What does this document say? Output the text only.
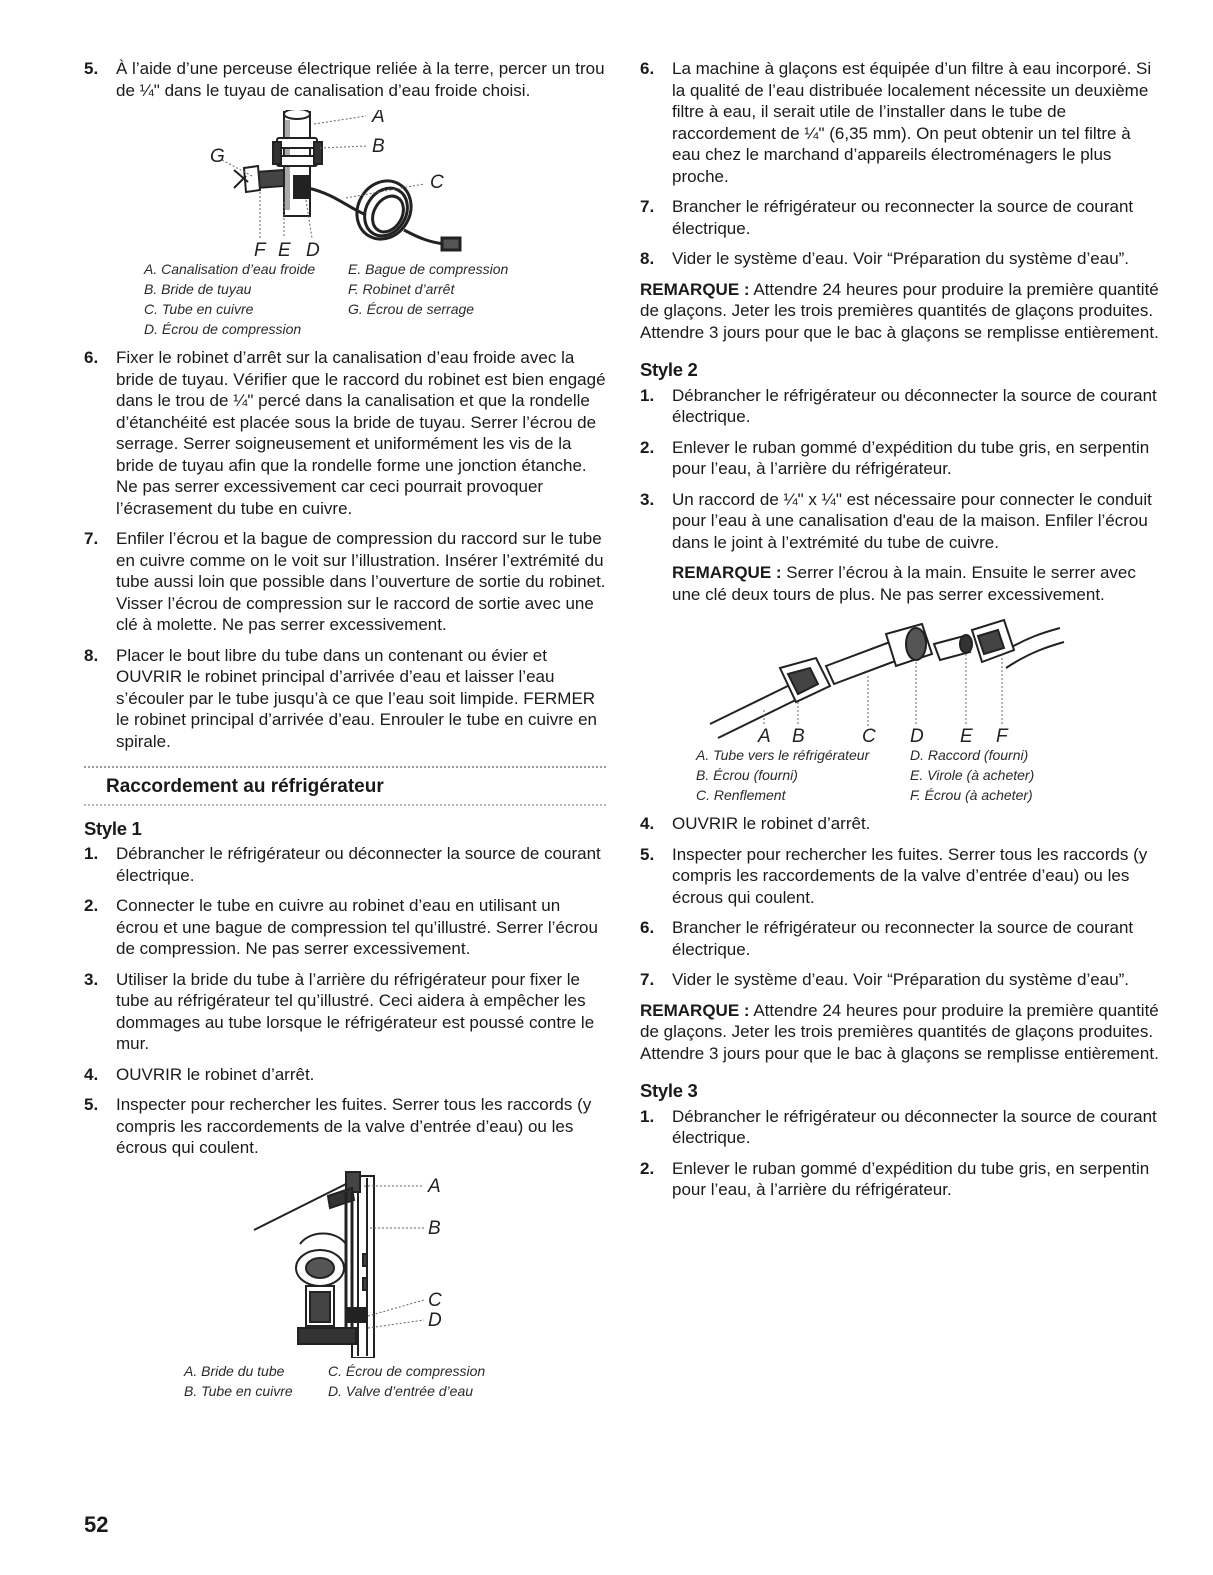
5. À l’aide d’une perceuse électrique reliée à la terre, percer un trou de ¼" dans le tuyau de canalisation d’eau froide choisi.
A
B
C
D
E
F
G
A. Canalisation d’eau froide	E. Bague de compression
B. Bride de tuyau	F. Robinet d’arrêt
C. Tube en cuivre	G. Écrou de serrage
D. Écrou de compression
6. Fixer le robinet d’arrêt sur la canalisation d’eau froide avec la bride de tuyau. Vérifier que le raccord du robinet est bien engagé dans le trou de ¼" percé dans la canalisation et que la rondelle d’étanchéité est placée sous la bride de tuyau. Serrer l’écrou de serrage. Serrer soigneusement et uniformément les vis de la bride de tuyau afin que la rondelle forme une jonction étanche. Ne pas serrer excessivement car ceci pourrait provoquer l’écrasement du tube en cuivre.
7. Enfiler l’écrou et la bague de compression du raccord sur le tube en cuivre comme on le voit sur l’illustration. Insérer l’extrémité du tube aussi loin que possible dans l’ouverture de sortie du robinet. Visser l’écrou de compression sur le raccord de sortie avec une clé à molette. Ne pas serrer excessivement.
8. Placer le bout libre du tube dans un contenant ou évier et OUVRIR le robinet principal d’arrivée d’eau et laisser l’eau s’écouler par le tube jusqu’à ce que l’eau soit limpide. FERMER le robinet principal d’arrivée d’eau. Enrouler le tube en cuivre en spirale.
Raccordement au réfrigérateur
Style 1
1. Débrancher le réfrigérateur ou déconnecter la source de courant électrique.
2. Connecter le tube en cuivre au robinet d’eau en utilisant un écrou et une bague de compression tel qu’illustré. Serrer l’écrou de compression. Ne pas serrer excessivement.
3. Utiliser la bride du tube à l’arrière du réfrigérateur pour fixer le tube au réfrigérateur tel qu’illustré. Ceci aidera à empêcher les dommages au tube lorsque le réfrigérateur est poussé contre le mur.
4. OUVRIR le robinet d’arrêt.
5. Inspecter pour rechercher les fuites. Serrer tous les raccords (y compris les raccordements de la valve d’entrée d’eau) ou les écrous qui coulent.
A
B
C
D
A. Bride du tube	C. Écrou de compression
B. Tube en cuivre	D. Valve d’entrée d’eau
52
6. La machine à glaçons est équipée d’un filtre à eau incorporé. Si la qualité de l’eau distribuée localement nécessite un deuxième filtre à eau, il serait utile de l’installer dans le tube de raccordement de ¼" (6,35 mm). On peut obtenir un tel filtre à eau chez le marchand d’appareils électroménagers le plus proche.
7. Brancher le réfrigérateur ou reconnecter la source de courant électrique.
8. Vider le système d’eau. Voir “Préparation du système d’eau”.

REMARQUE : Attendre 24 heures pour produire la première quantité de glaçons. Jeter les trois premières quantités de glaçons produites. Attendre 3 jours pour que le bac à glaçons se remplisse entièrement.

Style 2
1. Débrancher le réfrigérateur ou déconnecter la source de courant électrique.
2. Enlever le ruban gommé d’expédition du tube gris, en serpentin pour l’eau, à l’arrière du réfrigérateur.
3. Un raccord de ¼" x ¼" est nécessaire pour connecter le conduit pour l’eau à une canalisation d'eau de la maison. Enfiler l’écrou dans le joint à l’extrémité du tube de cuivre.

REMARQUE : Serrer l’écrou à la main. Ensuite le serrer avec une clé deux tours de plus. Ne pas serrer excessivement.

A B	C D E F
A. Tube vers le réfrigérateur	D. Raccord (fourni)
B. Écrou (fourni)	E. Virole (à acheter)
C. Renflement	F. Écrou (à acheter)
4. OUVRIR le robinet d’arrêt.
5. Inspecter pour rechercher les fuites. Serrer tous les raccords (y compris les raccordements de la valve d’entrée d’eau) ou les écrous qui coulent.
6. Brancher le réfrigérateur ou reconnecter la source de courant électrique.
7. Vider le système d’eau. Voir “Préparation du système d’eau”.

REMARQUE : Attendre 24 heures pour produire la première quantité de glaçons. Jeter les trois premières quantités de glaçons produites. Attendre 3 jours pour que le bac à glaçons se remplisse entièrement.

Style 3
1. Débrancher le réfrigérateur ou déconnecter la source de courant électrique.
2. Enlever le ruban gommé d’expédition du tube gris, en serpentin pour l’eau, à l’arrière du réfrigérateur.
